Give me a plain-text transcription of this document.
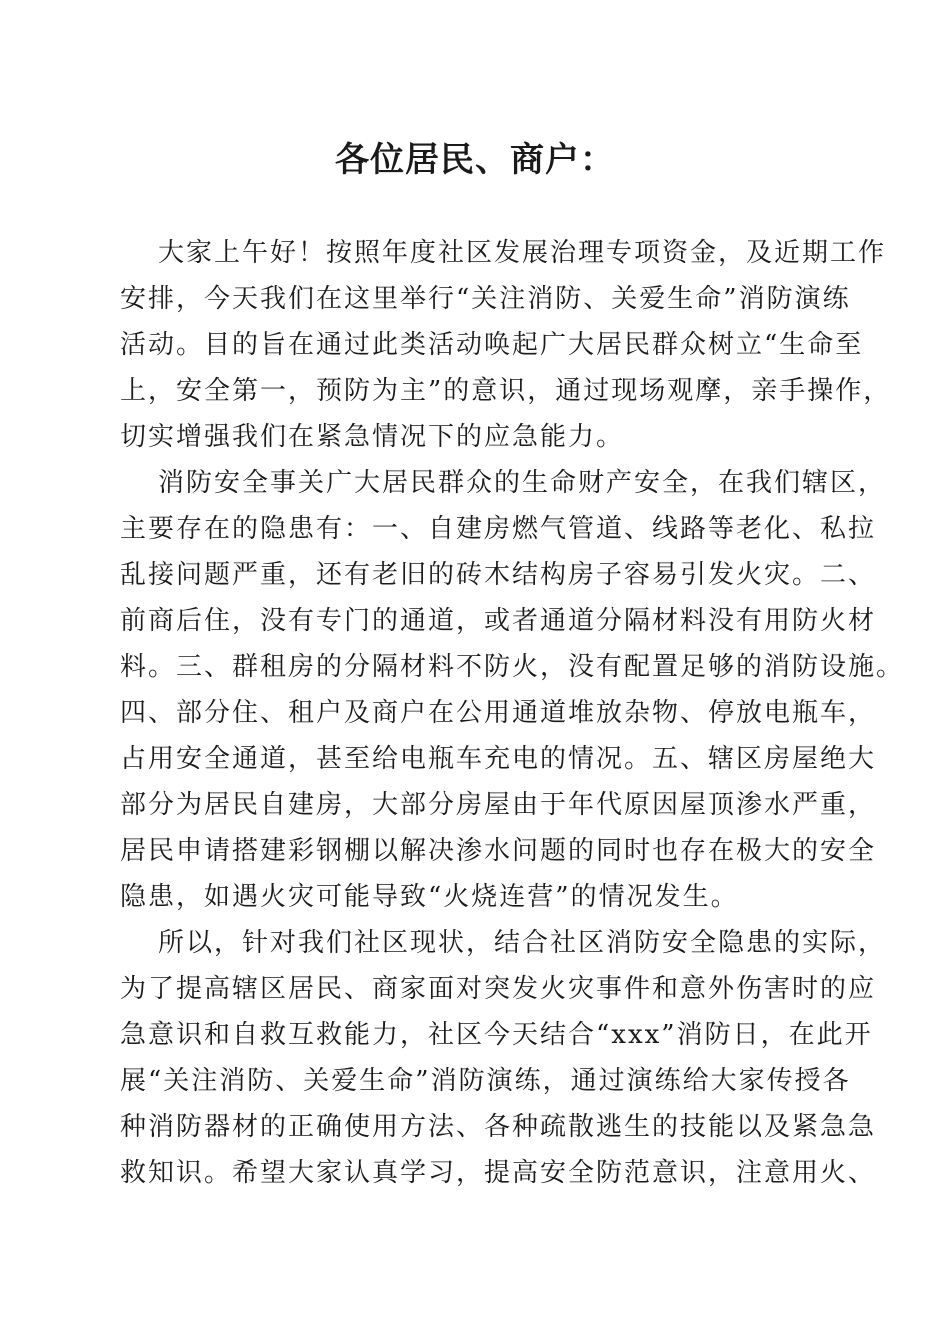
各位居民、商户：
大家上午好！按照年度社区发展治理专项资金，及近期工作
安排，今天我们在这里举行“关注消防、关爱生命”消防演练
活动。目的旨在通过此类活动唤起广大居民群众树立“生命至
上，安全第一，预防为主”的意识，通过现场观摩，亲手操作，
切实增强我们在紧急情况下的应急能力。
消防安全事关广大居民群众的生命财产安全，在我们辖区，
主要存在的隐患有：一、自建房燃气管道、线路等老化、私拉
乱接问题严重，还有老旧的砖木结构房子容易引发火灾。二、
前商后住，没有专门的通道，或者通道分隔材料没有用防火材
料。三、群租房的分隔材料不防火，没有配置足够的消防设施。
四、部分住、租户及商户在公用通道堆放杂物、停放电瓶车，
占用安全通道，甚至给电瓶车充电的情况。五、辖区房屋绝大
部分为居民自建房，大部分房屋由于年代原因屋顶渗水严重，
居民申请搭建彩钢棚以解决渗水问题的同时也存在极大的安全
隐患，如遇火灾可能导致“火烧连营”的情况发生。
所以，针对我们社区现状，结合社区消防安全隐患的实际，
为了提高辖区居民、商家面对突发火灾事件和意外伤害时的应
急意识和自救互救能力，社区今天结合“xxx”消防日，在此开
展“关注消防、关爱生命”消防演练，通过演练给大家传授各
种消防器材的正确使用方法、各种疏散逃生的技能以及紧急急
救知识。希望大家认真学习，提高安全防范意识，注意用火、
